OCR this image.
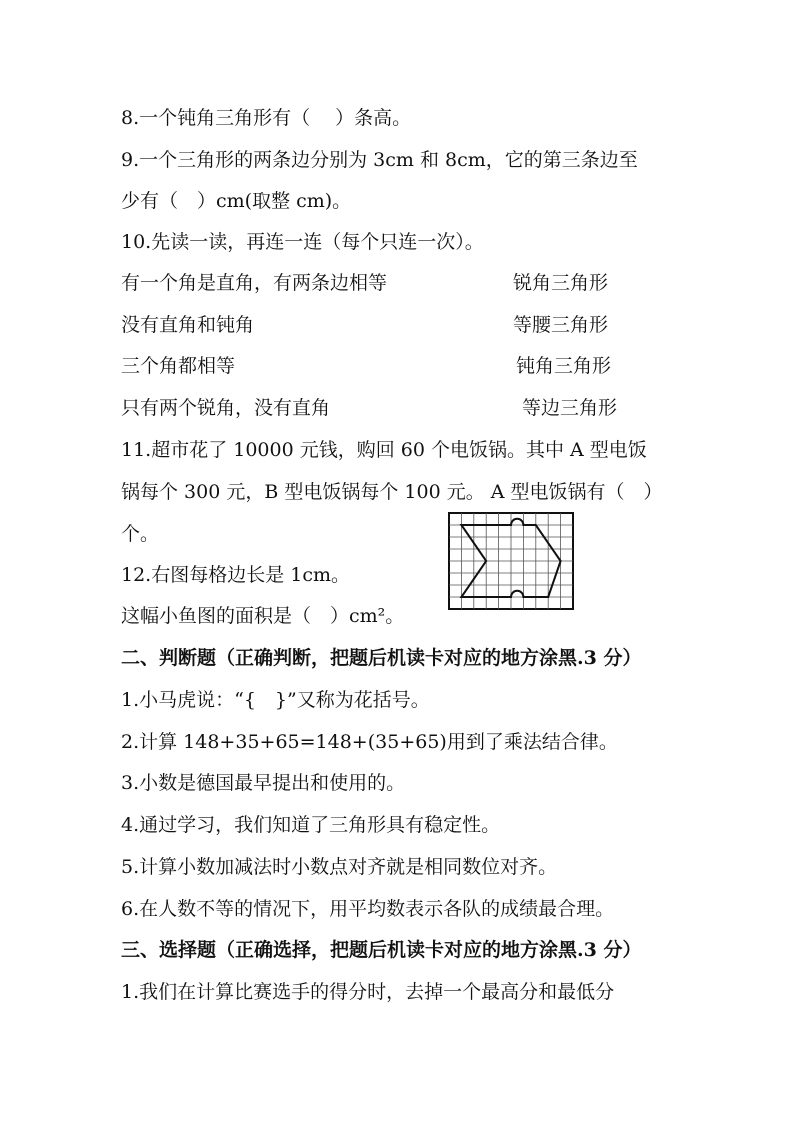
8.一个钝角三角形有（　 ）条高。
9.一个三角形的两条边分别为 3cm 和 8cm，它的第三条边至
少有（　）cm(取整 cm)。
10.先读一读，再连一连（每个只连一次）。
有一个角是直角，有两条边相等	锐角三角形
没有直角和钝角	等腰三角形
三个角都相等	钝角三角形
只有两个锐角，没有直角	等边三角形
11.超市花了 10000 元钱，购回 60 个电饭锅。其中 A 型电饭
锅每个 300 元，B 型电饭锅每个 100 元。 A 型电饭锅有（　）
个。
12.右图每格边长是 1cm。
这幅小鱼图的面积是（　）cm²。
二、判断题（正确判断，把题后机读卡对应的地方涂黑.3 分）
1.小马虎说：“{　}”又称为花括号。
2.计算 148+35+65=148+(35+65)用到了乘法结合律。
3.小数是德国最早提出和使用的。
4.通过学习，我们知道了三角形具有稳定性。
5.计算小数加减法时小数点对齐就是相同数位对齐。
6.在人数不等的情况下，用平均数表示各队的成绩最合理。
三、选择题（正确选择，把题后机读卡对应的地方涂黑.3 分）
1.我们在计算比赛选手的得分时，去掉一个最高分和最低分
